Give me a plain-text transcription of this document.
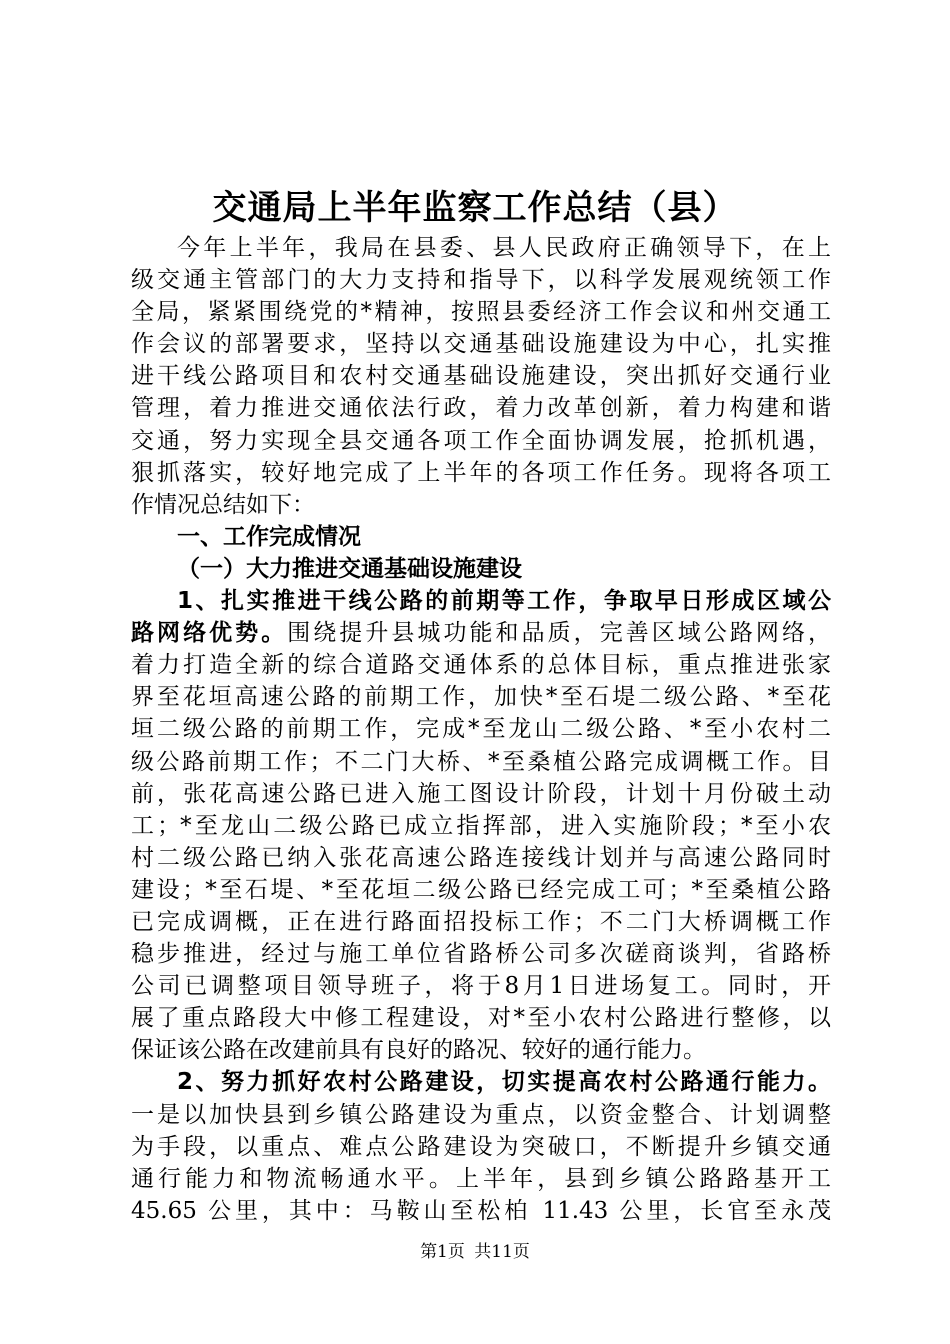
交通局上半年监察工作总结（县）
今年上半年，我局在县委、县人民政府正确领导下，在上
级交通主管部门的大力支持和指导下，以科学发展观统领工作
全局，紧紧围绕党的*精神，按照县委经济工作会议和州交通工
作会议的部署要求，坚持以交通基础设施建设为中心，扎实推
进干线公路项目和农村交通基础设施建设，突出抓好交通行业
管理，着力推进交通依法行政，着力改革创新，着力构建和谐
交通，努力实现全县交通各项工作全面协调发展，抢抓机遇，
狠抓落实，较好地完成了上半年的各项工作任务。现将各项工
作情况总结如下：
一、工作完成情况
（一）大力推进交通基础设施建设
1、扎实推进干线公路的前期等工作，争取早日形成区域公
路网络优势。围绕提升县城功能和品质，完善区域公路网络，
着力打造全新的综合道路交通体系的总体目标，重点推进张家
界至花垣高速公路的前期工作，加快*至石堤二级公路、*至花
垣二级公路的前期工作，完成*至龙山二级公路、*至小农村二
级公路前期工作；不二门大桥、*至桑植公路完成调概工作。目
前，张花高速公路已进入施工图设计阶段，计划十月份破土动
工；*至龙山二级公路已成立指挥部，进入实施阶段；*至小农
村二级公路已纳入张花高速公路连接线计划并与高速公路同时
建设；*至石堤、*至花垣二级公路已经完成工可；*至桑植公路
已完成调概，正在进行路面招投标工作；不二门大桥调概工作
稳步推进，经过与施工单位省路桥公司多次磋商谈判，省路桥
公司已调整项目领导班子，将于8月1日进场复工。同时，开
展了重点路段大中修工程建设，对*至小农村公路进行整修，以
保证该公路在改建前具有良好的路况、较好的通行能力。
2、努力抓好农村公路建设，切实提高农村公路通行能力。
一是以加快县到乡镇公路建设为重点，以资金整合、计划调整
为手段，以重点、难点公路建设为突破口，不断提升乡镇交通
通行能力和物流畅通水平。上半年，县到乡镇公路路基开工
45.65 公里，其中：马鞍山至松柏 11.43 公里，长官至永茂
第1页 共11页
